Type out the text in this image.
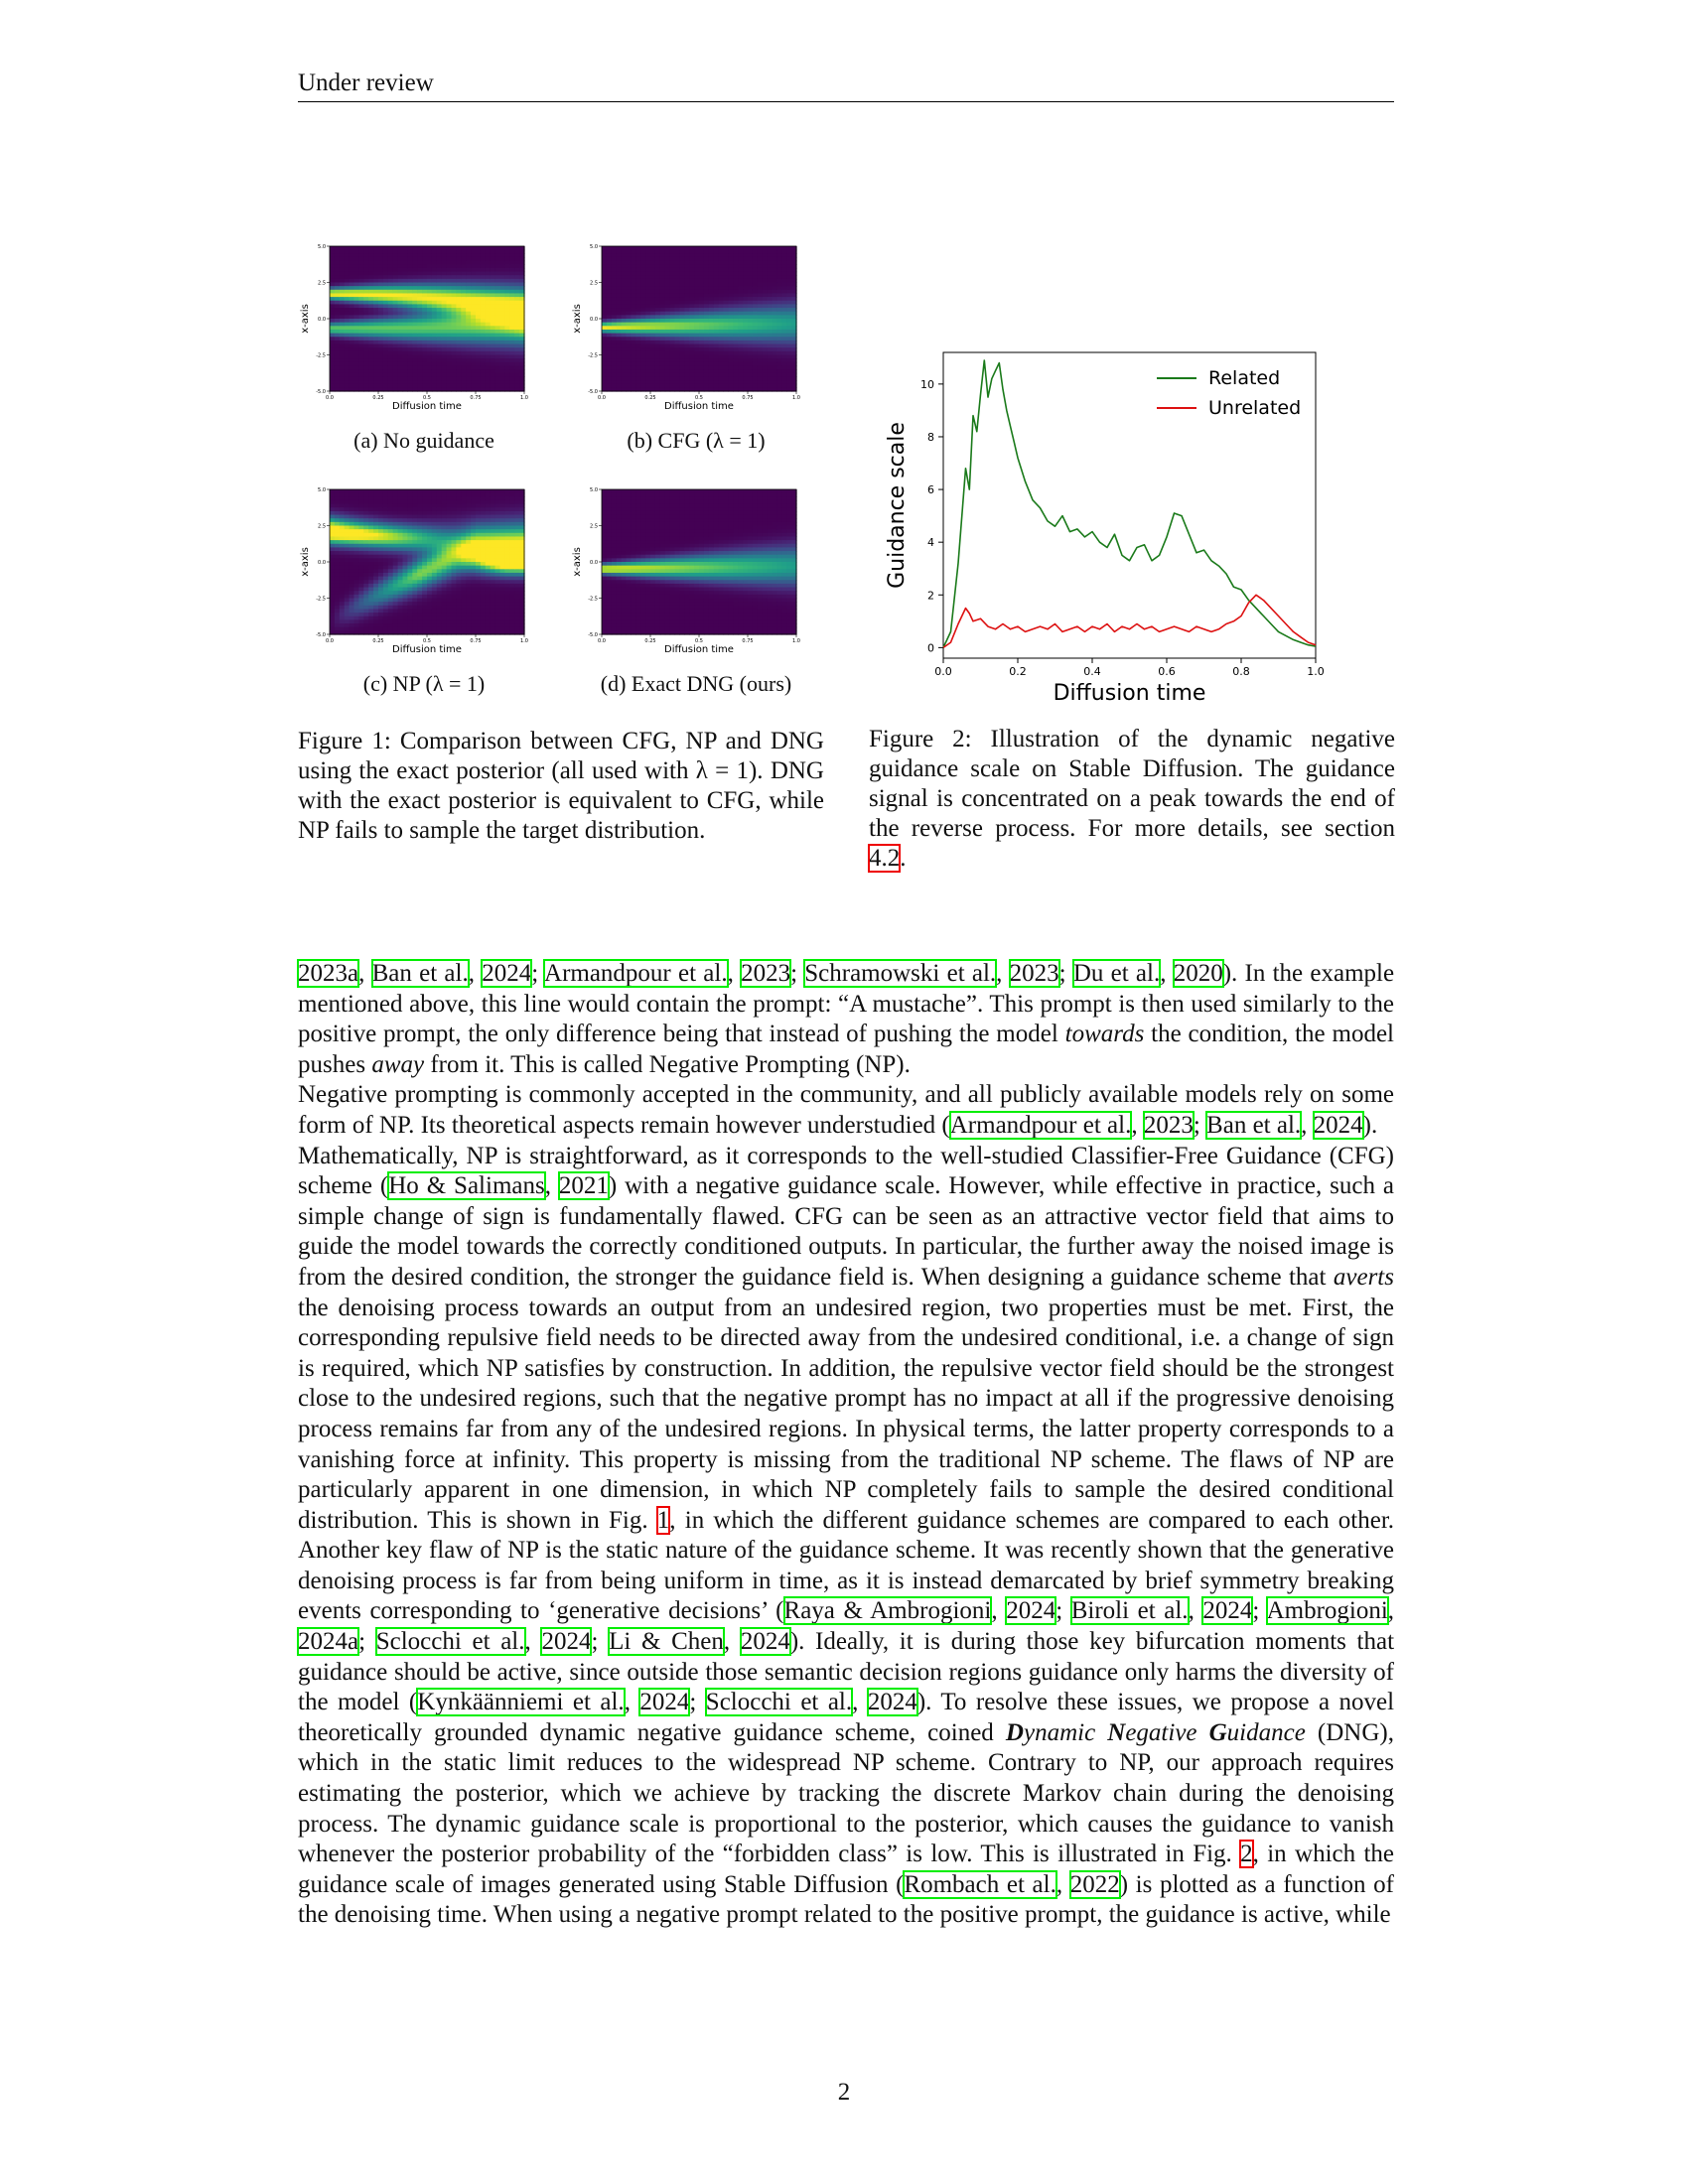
Under review
5.0
2.5
0.0
-2.5
-5.0
0.0	0.25	0.5	0.75	1.0
Diffusion time
x-axis
5.0
2.5
0.0
-2.5
-5.0
0.0	0.25	0.5	0.75	1.0
Diffusion time
x-axis
5.0
2.5
0.0
-2.5
-5.0
0.0	0.25	0.5	0.75	1.0
Diffusion time
x-axis
5.0
2.5
0.0
-2.5
-5.0
0.0	0.25	0.5	0.75	1.0
Diffusion time
x-axis
(a) No guidance	(b) CFG (λ = 1)
(c) NP (λ = 1)	(d) Exact DNG (ours)
Figure 1: Comparison between CFG, NP and DNG using the exact posterior (all used with λ = 1). DNG with the exact posterior is equivalent to CFG, while NP fails to sample the target distribution.
0.0	0.2	0.4	0.6	0.8	1.0
0
2
4
6
8
10
Diffusion time
Guidance scale
Related
Unrelated
Figure 2: Illustration of the dynamic negative guidance scale on Stable Diffusion. The guidance signal is concentrated on a peak towards the end of the reverse process. For more details, see section 4.2.
2023a, Ban et al., 2024; Armandpour et al., 2023; Schramowski et al., 2023; Du et al., 2020). In the example mentioned above, this line would contain the prompt: “A mustache”. This prompt is then used similarly to the positive prompt, the only difference being that instead of pushing the model towards the condition, the model pushes away from it. This is called Negative Prompting (NP).
Negative prompting is commonly accepted in the community, and all publicly available models rely on some form of NP. Its theoretical aspects remain however understudied (Armandpour et al., 2023; Ban et al., 2024).
Mathematically, NP is straightforward, as it corresponds to the well-studied Classifier-Free Guidance (CFG) scheme (Ho & Salimans, 2021) with a negative guidance scale. However, while effective in practice, such a simple change of sign is fundamentally flawed. CFG can be seen as an attractive vector field that aims to guide the model towards the correctly conditioned outputs. In particular, the further away the noised image is from the desired condition, the stronger the guidance field is. When designing a guidance scheme that averts the denoising process towards an output from an undesired region, two properties must be met. First, the corresponding repulsive field needs to be directed away from the undesired conditional, i.e. a change of sign is required, which NP satisfies by construction. In addition, the repulsive vector field should be the strongest close to the undesired regions, such that the negative prompt has no impact at all if the progressive denoising process remains far from any of the undesired regions. In physical terms, the latter property corresponds to a vanishing force at infinity. This property is missing from the traditional NP scheme. The flaws of NP are particularly apparent in one dimension, in which NP completely fails to sample the desired conditional distribution. This is shown in Fig. 1, in which the different guidance schemes are compared to each other. Another key flaw of NP is the static nature of the guidance scheme. It was recently shown that the generative denoising process is far from being uniform in time, as it is instead demarcated by brief symmetry breaking events corresponding to ‘generative decisions’ (Raya & Ambrogioni, 2024; Biroli et al., 2024; Ambrogioni, 2024a; Sclocchi et al., 2024; Li & Chen, 2024). Ideally, it is during those key bifurcation moments that guidance should be active, since outside those semantic decision regions guidance only harms the diversity of the model (Kynkäänniemi et al., 2024; Sclocchi et al., 2024). To resolve these issues, we propose a novel theoretically grounded dynamic negative guidance scheme, coined Dynamic Negative Guidance (DNG), which in the static limit reduces to the widespread NP scheme. Contrary to NP, our approach requires estimating the posterior, which we achieve by tracking the discrete Markov chain during the denoising process. The dynamic guidance scale is proportional to the posterior, which causes the guidance to vanish whenever the posterior probability of the “forbidden class” is low. This is illustrated in Fig. 2, in which the guidance scale of images generated using Stable Diffusion (Rombach et al., 2022) is plotted as a function of the denoising time. When using a negative prompt related to the positive prompt, the guidance is active, while
2
